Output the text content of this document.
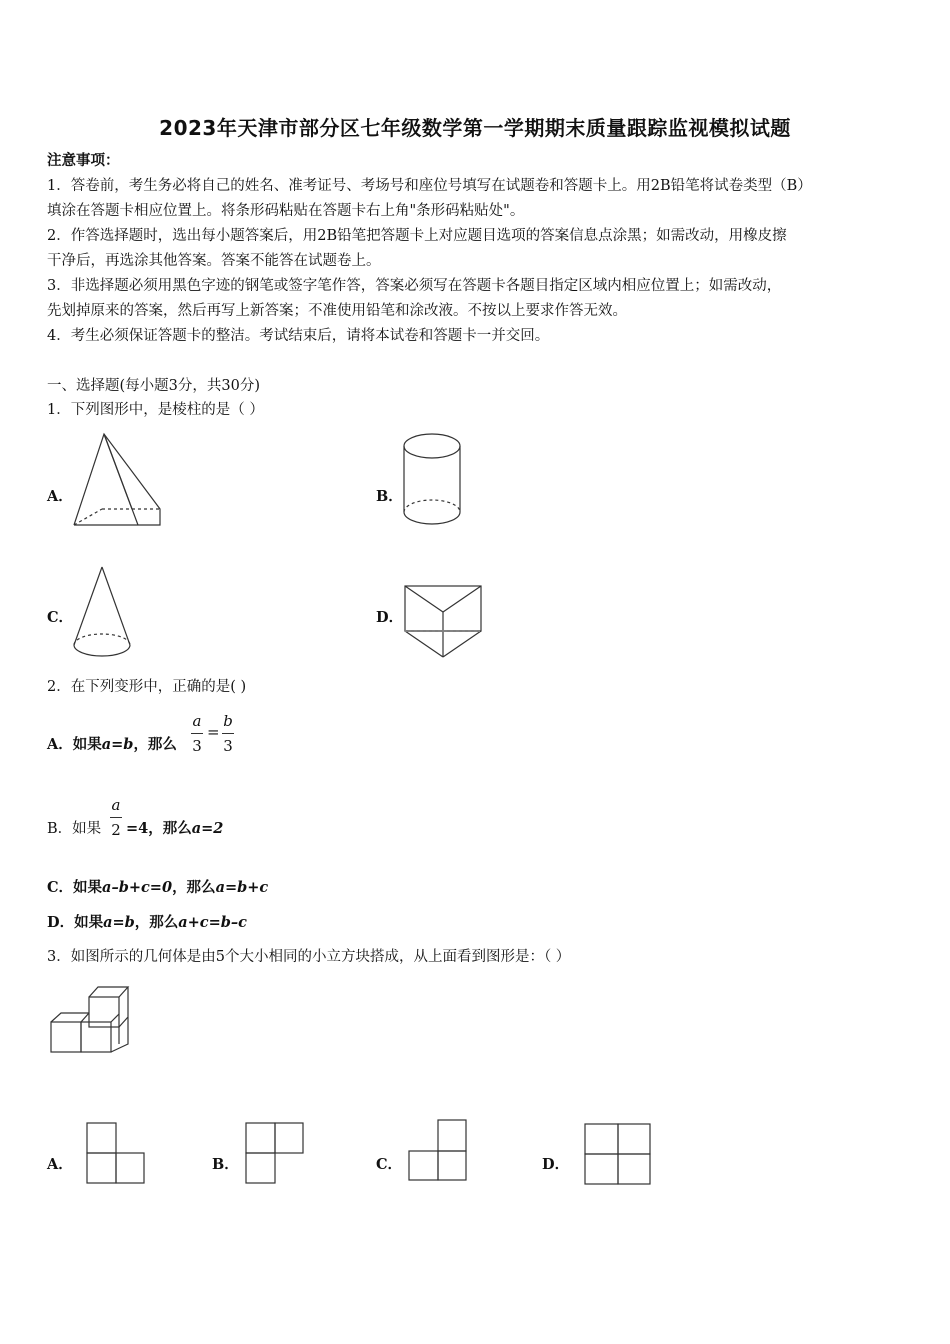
2023年天津市部分区七年级数学第一学期期末质量跟踪监视模拟试题
注意事项：
1．答卷前，考生务必将自己的姓名、准考证号、考场号和座位号填写在试题卷和答题卡上。用2B铅笔将试卷类型（B）
填涂在答题卡相应位置上。将条形码粘贴在答题卡右上角"条形码粘贴处"。
2．作答选择题时，选出每小题答案后，用2B铅笔把答题卡上对应题目选项的答案信息点涂黑；如需改动，用橡皮擦
干净后，再选涂其他答案。答案不能答在试题卷上。
3．非选择题必须用黑色字迹的钢笔或签字笔作答，答案必须写在答题卡各题目指定区域内相应位置上；如需改动，
先划掉原来的答案，然后再写上新答案；不准使用铅笔和涂改液。不按以上要求作答无效。
4．考生必须保证答题卡的整洁。考试结束后，请将本试卷和答题卡一并交回。
一、选择题(每小题3分，共30分)
1．下列图形中，是棱柱的是（ ）
A．	B．
C．	D．
2．在下列变形中，正确的是( )
A．如果a=b，那么
a
3
=
b
3
B．如果
a
2 =4，那么a=2
C．如果a–b+c=0，那么a=b+c
D．如果a=b，那么a+c=b–c
3．如图所示的几何体是由5个大小相同的小立方块搭成，从上面看到图形是：（ ）
A．	B．	C．	D．
